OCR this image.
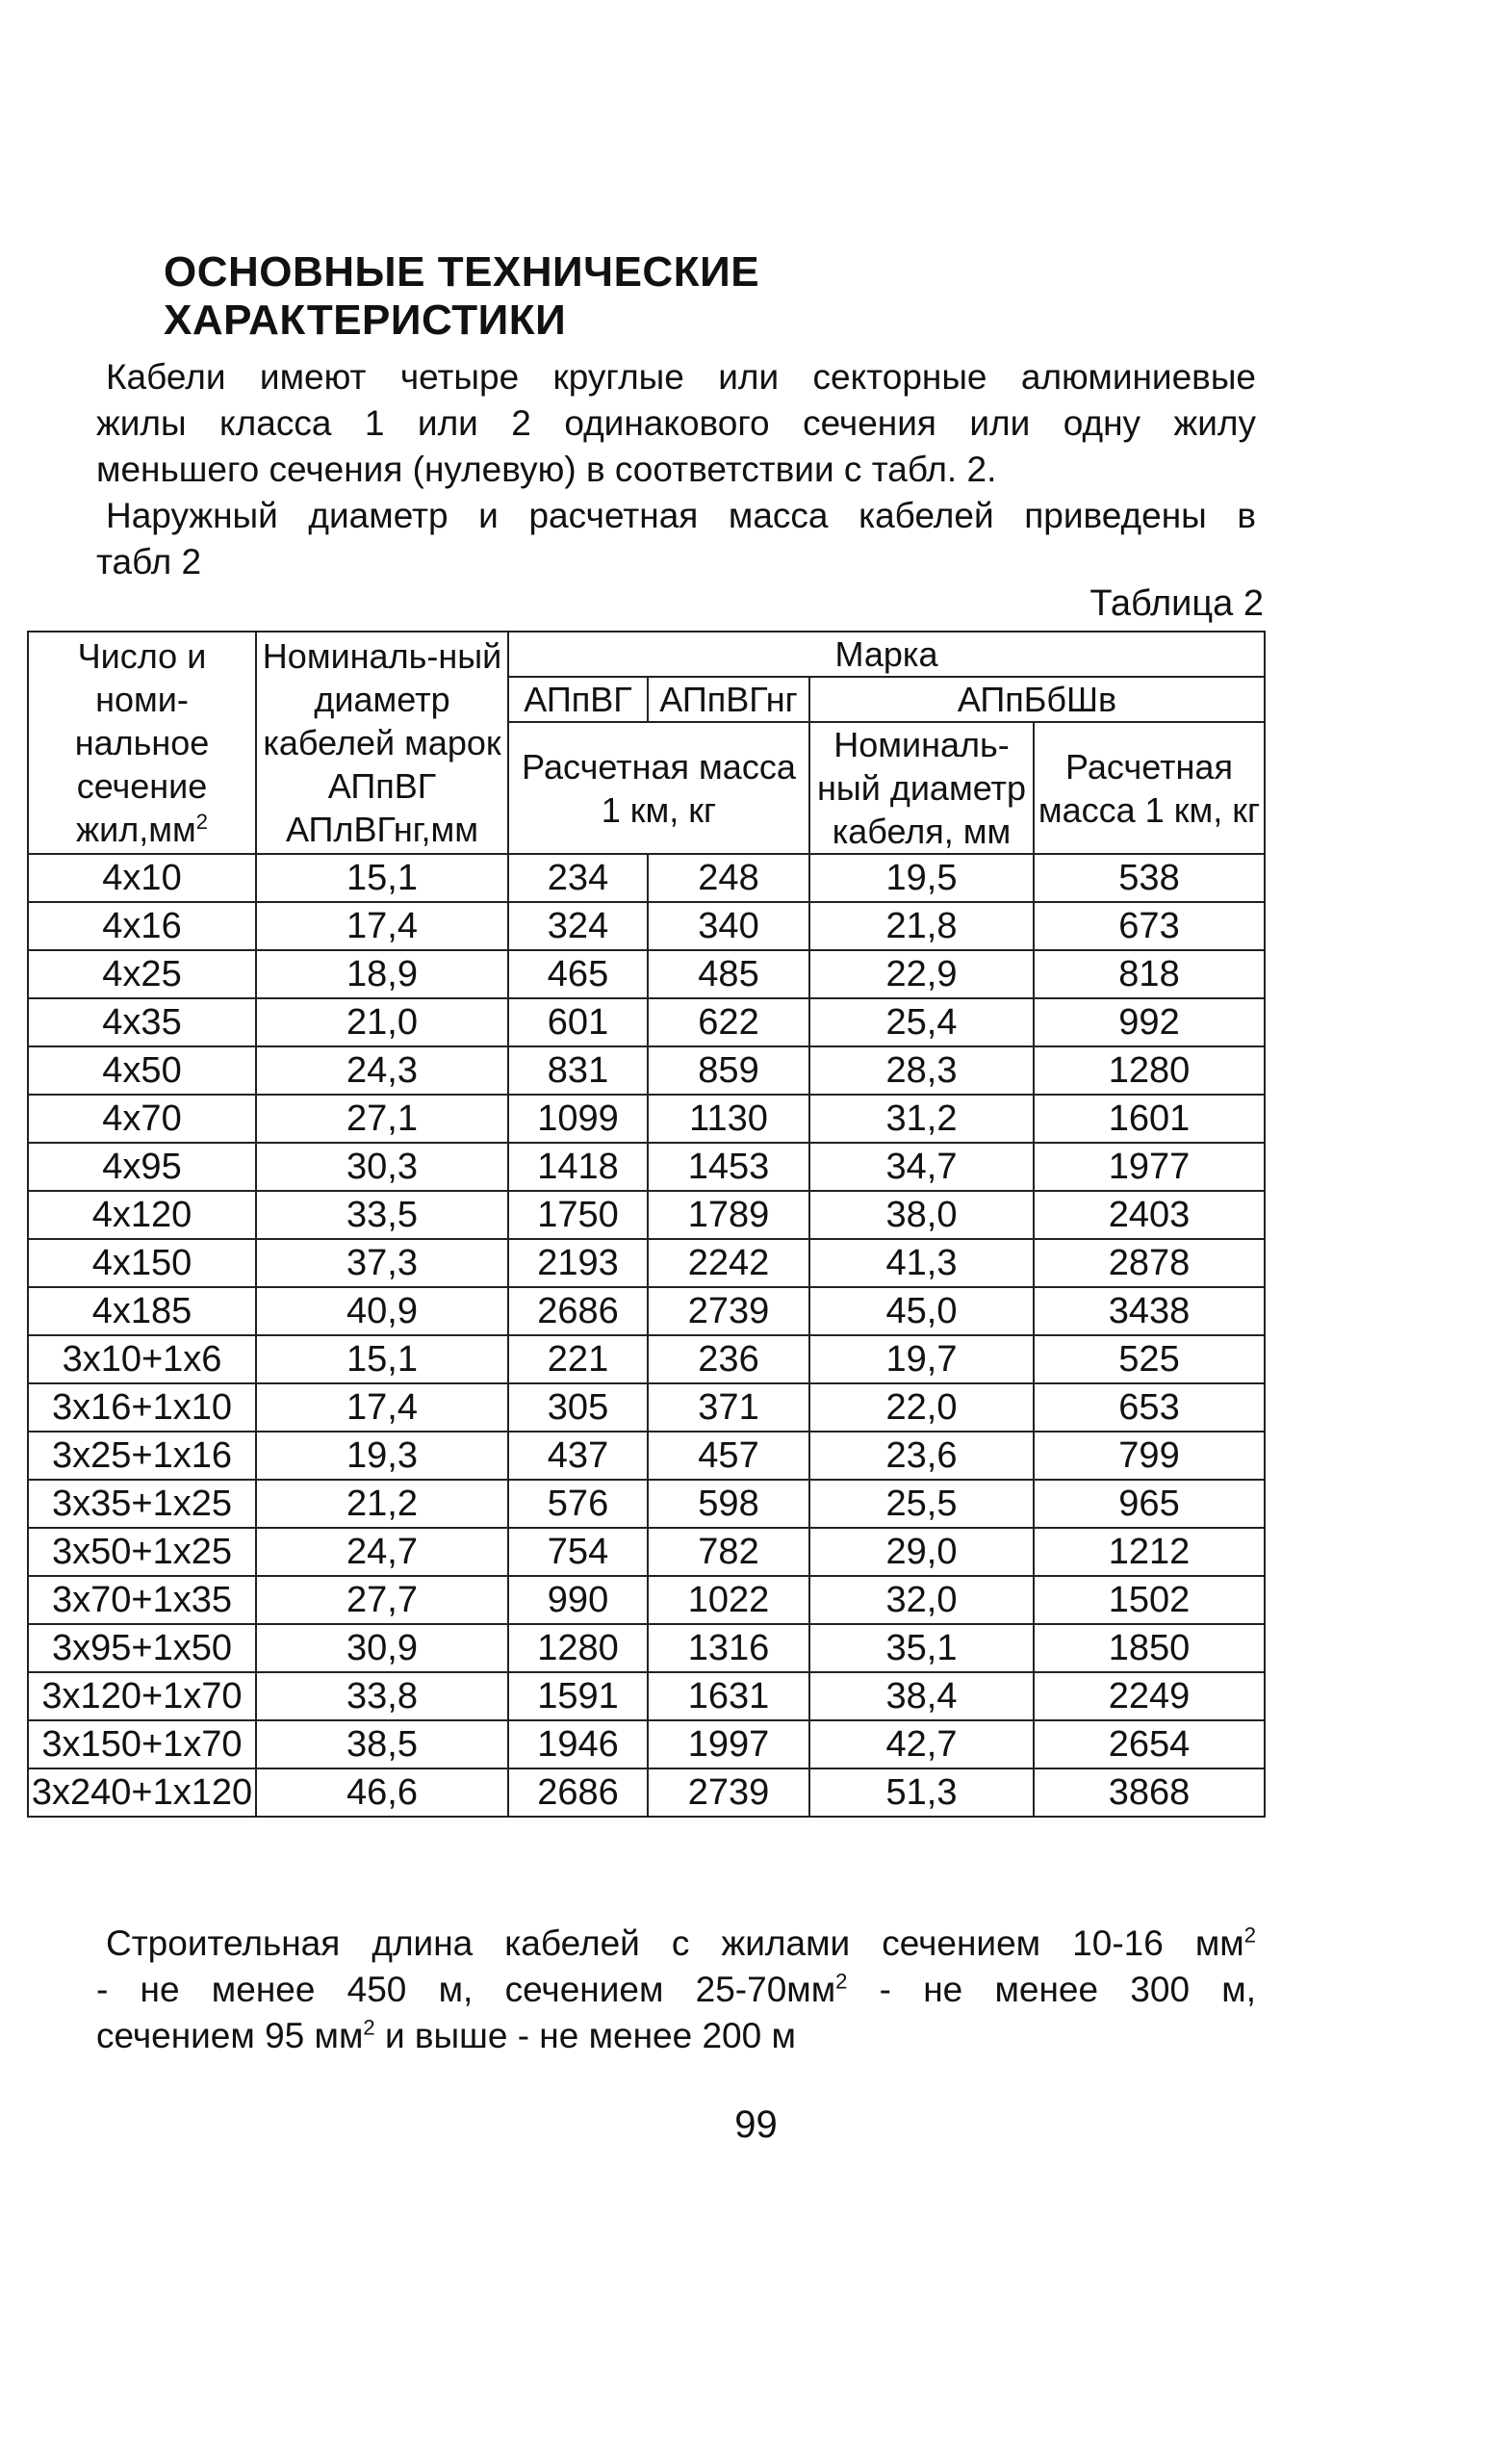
ОСНОВНЫЕ ТЕХНИЧЕСКИЕ ХАРАКТЕРИСТИКИ
Кабели имеют четыре круглые или секторные алюминиевые
жилы класса 1 или 2 одинакового сечения или одну жилу
меньшего сечения (нулевую) в соответствии с табл. 2.
Наружный диаметр и расчетная масса кабелей приведены в
табл 2
Таблица 2
Число и номи-нальное сечение $жил,мм^2$	Номиналь-ный диаметр кабелей марок АПпВГ АПлВГнг,мм	Марка			
		АПпВГ	АПпВГнг	АПпБбШв	
		Расчетная масса 1 км, кг		Номиналь-ный диаметр кабеля, мм	Расчетная масса 1 км, кг
4x10	15,1	234	248	19,5	538
4x16	17,4	324	340	21,8	673
4x25	18,9	465	485	22,9	818
4x35	21,0	601	622	25,4	992
4x50	24,3	831	859	28,3	1280
4x70	27,1	1099	1130	31,2	1601
4x95	30,3	1418	1453	34,7	1977
4x120	33,5	1750	1789	38,0	2403
4x150	37,3	2193	2242	41,3	2878
4x185	40,9	2686	2739	45,0	3438
3x10+1x6	15,1	221	236	19,7	525
3x16+1x10	17,4	305	371	22,0	653
3x25+1x16	19,3	437	457	23,6	799
3x35+1x25	21,2	576	598	25,5	965
3x50+1x25	24,7	754	782	29,0	1212
3x70+1x35	27,7	990	1022	32,0	1502
3x95+1x50	30,9	1280	1316	35,1	1850
3x120+1x70	33,8	1591	1631	38,4	2249
3x150+1x70	38,5	1946	1997	42,7	2654
3x240+1x120	46,6	2686	2739	51,3	3868
Строительная длина кабелей с жилами сечением 10-16 $мм^2$
- не менее 450 м, сечением $25-70мм^2$ - не менее 300 м,
сечением 95 $мм^2$ и выше - не менее 200 м
99
